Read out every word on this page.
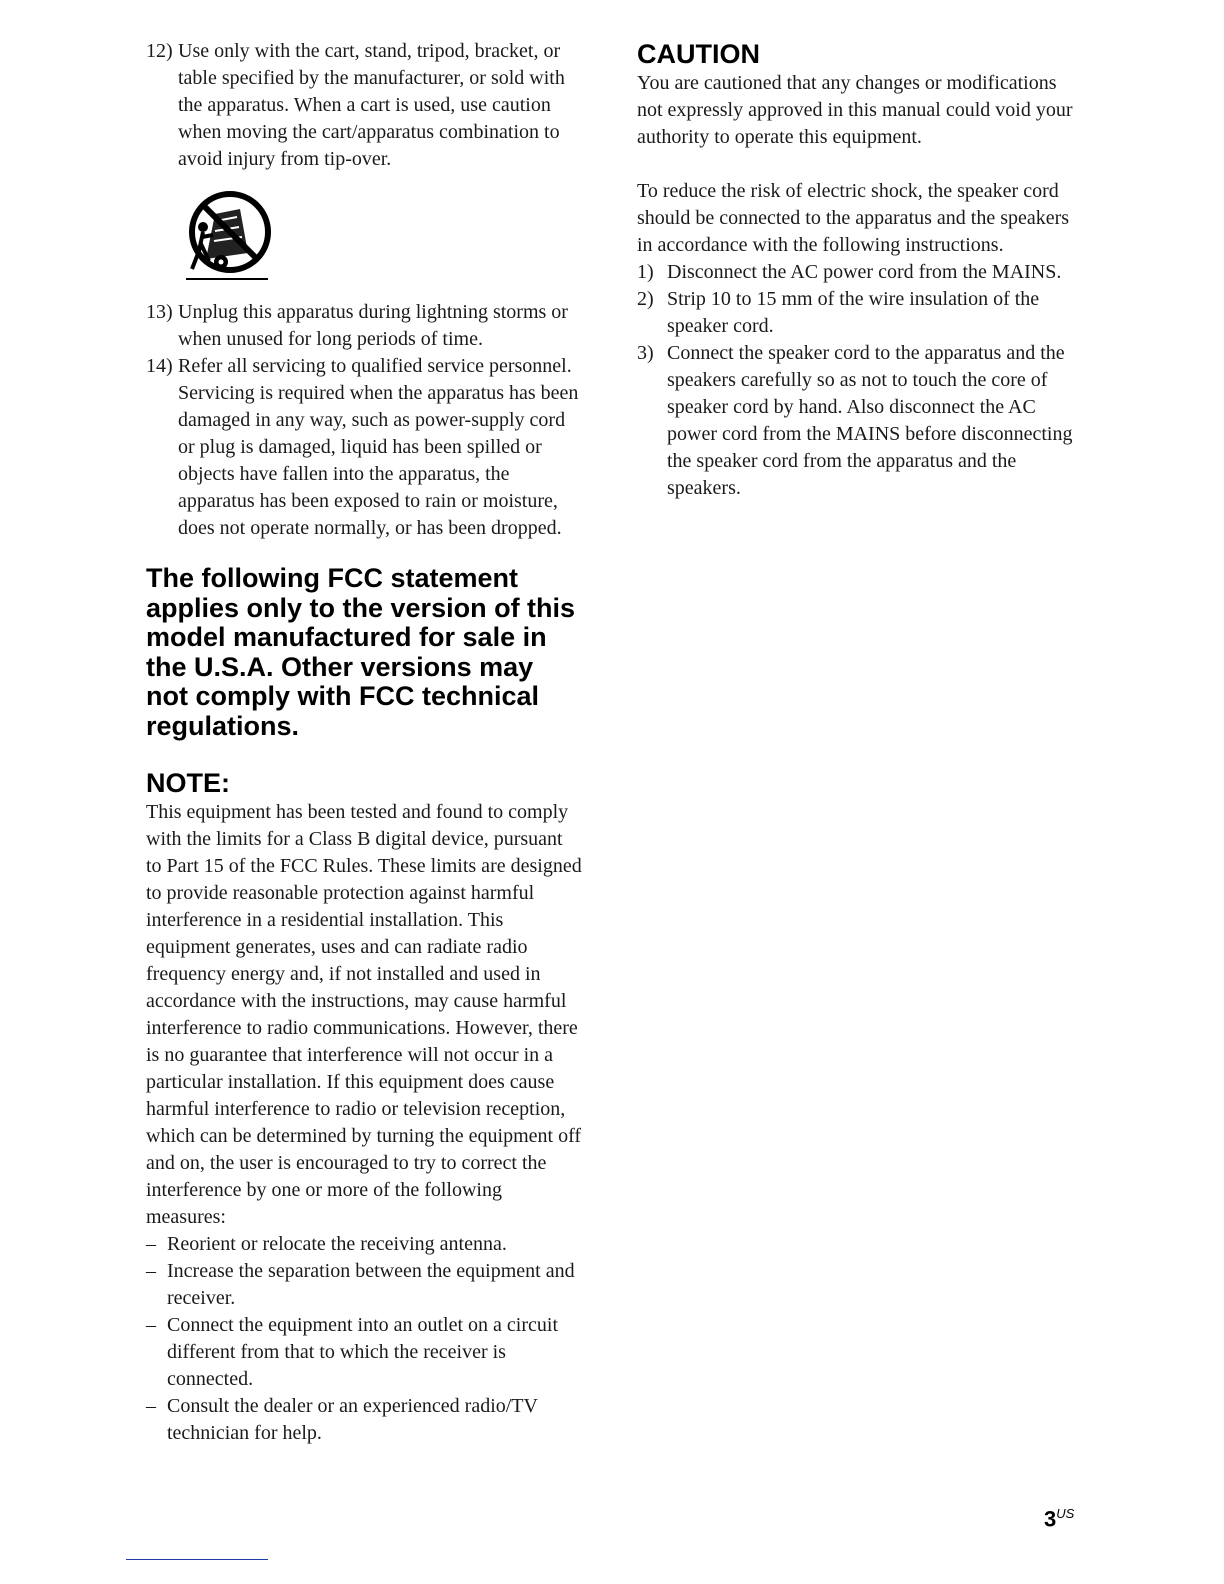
12) Use only with the cart, stand, tripod, bracket, or table specified by the manufacturer, or sold with the apparatus. When a cart is used, use caution when moving the cart/apparatus combination to avoid injury from tip-over.
13) Unplug this apparatus during lightning storms or when unused for long periods of time.
14) Refer all servicing to qualified service personnel. Servicing is required when the apparatus has been damaged in any way, such as power-supply cord or plug is damaged, liquid has been spilled or objects have fallen into the apparatus, the apparatus has been exposed to rain or moisture, does not operate normally, or has been dropped.
The following FCC statement applies only to the version of this model manufactured for sale in the U.S.A. Other versions may not comply with FCC technical regulations.
NOTE:
This equipment has been tested and found to comply with the limits for a Class B digital device, pursuant to Part 15 of the FCC Rules. These limits are designed to provide reasonable protection against harmful interference in a residential installation. This equipment generates, uses and can radiate radio frequency energy and, if not installed and used in accordance with the instructions, may cause harmful interference to radio communications. However, there is no guarantee that interference will not occur in a particular installation. If this equipment does cause harmful interference to radio or television reception, which can be determined by turning the equipment off and on, the user is encouraged to try to correct the interference by one or more of the following measures:
– Reorient or relocate the receiving antenna.
– Increase the separation between the equipment and receiver.
– Connect the equipment into an outlet on a circuit different from that to which the receiver is connected.
– Consult the dealer or an experienced radio/TV technician for help.
CAUTION
You are cautioned that any changes or modifications not expressly approved in this manual could void your authority to operate this equipment.
To reduce the risk of electric shock, the speaker cord should be connected to the apparatus and the speakers in accordance with the following instructions.
1) Disconnect the AC power cord from the MAINS.
2) Strip 10 to 15 mm of the wire insulation of the speaker cord.
3) Connect the speaker cord to the apparatus and the speakers carefully so as not to touch the core of speaker cord by hand. Also disconnect the AC power cord from the MAINS before disconnecting the speaker cord from the apparatus and the speakers.
$3^{US}$
